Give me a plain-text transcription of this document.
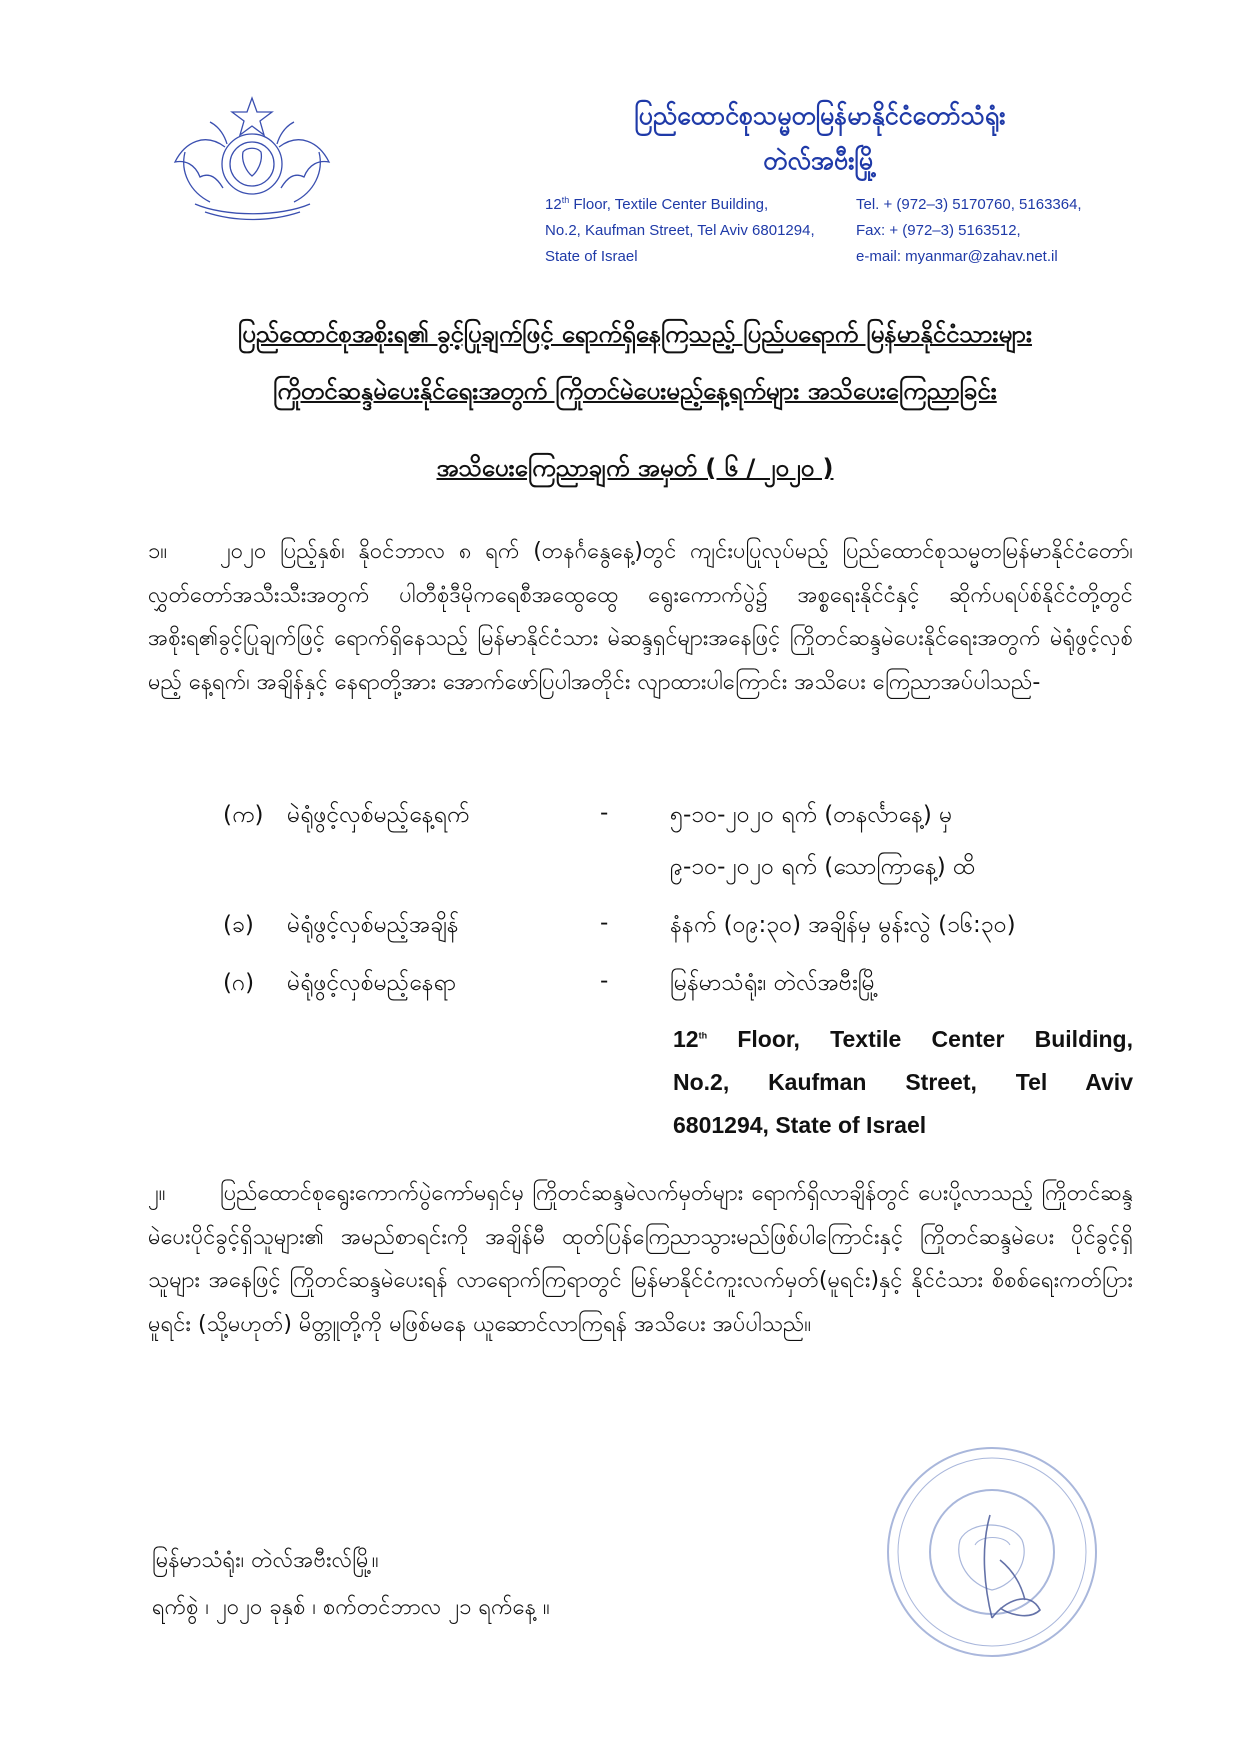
ပြည်ထောင်စုသမ္မတမြန်မာနိုင်ငံတော်သံရုံး
တဲလ်အဗီးမြို့
12th Floor, Textile Center Building,
No.2, Kaufman Street, Tel Aviv 6801294,
State of Israel
Tel. + (972–3) 5170760, 5163364,
Fax: + (972–3) 5163512,
e-mail: myanmar@zahav.net.il
ပြည်ထောင်စုအစိုးရ၏ ခွင့်ပြုချက်ဖြင့် ရောက်ရှိနေကြသည့် ပြည်ပရောက် မြန်မာနိုင်ငံသားများ
ကြိုတင်ဆန္ဒမဲပေးနိုင်ရေးအတွက် ကြိုတင်မဲပေးမည့်နေ့ရက်များ အသိပေးကြေညာခြင်း
အသိပေးကြေညာချက် အမှတ် ( ၆ / ၂၀၂၀ )
၁။ ၂၀၂၀ ပြည့်နှစ်၊ နိုဝင်ဘာလ ၈ ရက် (တနင်္ဂနွေနေ့)တွင် ကျင်းပပြုလုပ်မည့် ပြည်ထောင်စုသမ္မတမြန်မာနိုင်ငံတော်၊ လွှတ်တော်အသီးသီးအတွက် ပါတီစုံဒီမိုကရေစီအထွေထွေ ရွေးကောက်ပွဲ၌ အစ္စရေးနိုင်ငံနှင့် ဆိုက်ပရပ်စ်နိုင်ငံတို့တွင် အစိုးရ၏ခွင့်ပြုချက်ဖြင့် ရောက်ရှိနေသည့် မြန်မာနိုင်ငံသား မဲဆန္ဒရှင်များအနေဖြင့် ကြိုတင်ဆန္ဒမဲပေးနိုင်ရေးအတွက် မဲရုံဖွင့်လှစ်မည့် နေ့ရက်၊ အချိန်နှင့် နေရာတို့အား အောက်ဖော်ပြပါအတိုင်း လျာထားပါကြောင်း အသိပေး ကြေညာအပ်ပါသည်-
(က) မဲရုံဖွင့်လှစ်မည့်နေ့ရက်	-	၅-၁၀-၂၀၂၀ ရက် (တနင်္လာနေ့) မှ
၉-၁၀-၂၀၂၀ ရက် (သောကြာနေ့) ထိ
(ခ) မဲရုံဖွင့်လှစ်မည့်အချိန်	-	နံနက် (၀၉:၃၀) အချိန်မှ မွန်းလွဲ (၁၆:၃၀)
(ဂ) မဲရုံဖွင့်လှစ်မည့်နေရာ	-	မြန်မာသံရုံး၊ တဲလ်အဗီးမြို့
12th Floor, Textile Center Building,
No.2, Kaufman Street, Tel Aviv
6801294, State of Israel
၂။ ပြည်ထောင်စုရွေးကောက်ပွဲကော်မရှင်မှ ကြိုတင်ဆန္ဒမဲလက်မှတ်များ ရောက်ရှိလာချိန်တွင် ပေးပို့လာသည့် ကြိုတင်ဆန္ဒမဲပေးပိုင်ခွင့်ရှိသူများ၏ အမည်စာရင်းကို အချိန်မီ ထုတ်ပြန်ကြေညာသွားမည်ဖြစ်ပါကြောင်းနှင့် ကြိုတင်ဆန္ဒမဲပေး ပိုင်ခွင့်ရှိသူများ အနေဖြင့် ကြိုတင်ဆန္ဒမဲပေးရန် လာရောက်ကြရာတွင် မြန်မာနိုင်ငံကူးလက်မှတ်(မူရင်း)နှင့် နိုင်ငံသား စိစစ်ရေးကတ်ပြားမူရင်း (သို့မဟုတ်) မိတ္တူတို့ကို မဖြစ်မနေ ယူဆောင်လာကြရန် အသိပေး အပ်ပါသည်။
မြန်မာသံရုံး၊ တဲလ်အဗီးလ်မြို့။
ရက်စွဲ ၊ ၂၀၂၀ ခုနှစ် ၊ စက်တင်ဘာလ ၂၁ ရက်နေ့ ။
